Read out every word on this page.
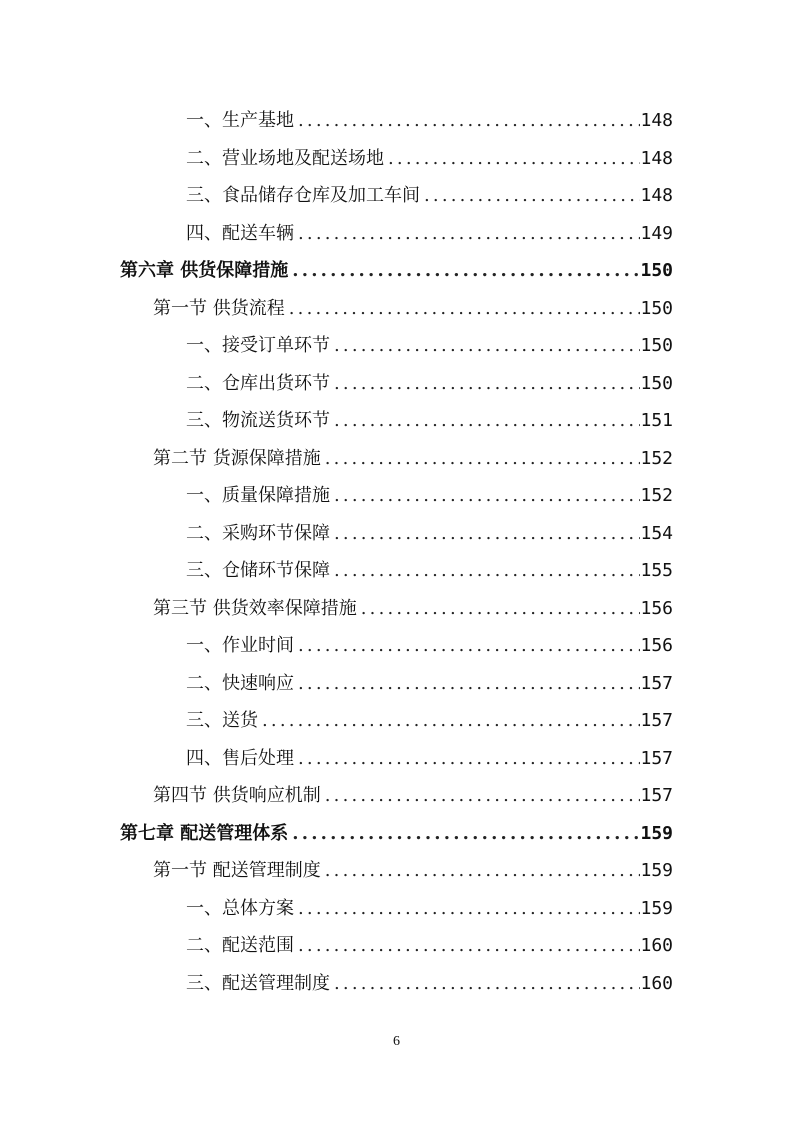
一、生产基地 .....	148
二、营业场地及配送场地 .....	148
三、食品储存仓库及加工车间 .....	148
四、配送车辆 .....	149
第六章 供货保障措施 .....	150
第一节 供货流程 .....	150
一、接受订单环节 .....	150
二、仓库出货环节 .....	150
三、物流送货环节 .....	151
第二节 货源保障措施 .....	152
一、质量保障措施 .....	152
二、采购环节保障 .....	154
三、仓储环节保障 .....	155
第三节 供货效率保障措施 .....	156
一、作业时间 .....	156
二、快速响应 .....	157
三、送货 .....	157
四、售后处理 .....	157
第四节 供货响应机制 .....	157
第七章 配送管理体系 .....	159
第一节 配送管理制度 .....	159
一、总体方案 .....	159
二、配送范围 .....	160
三、配送管理制度 .....	160
6
